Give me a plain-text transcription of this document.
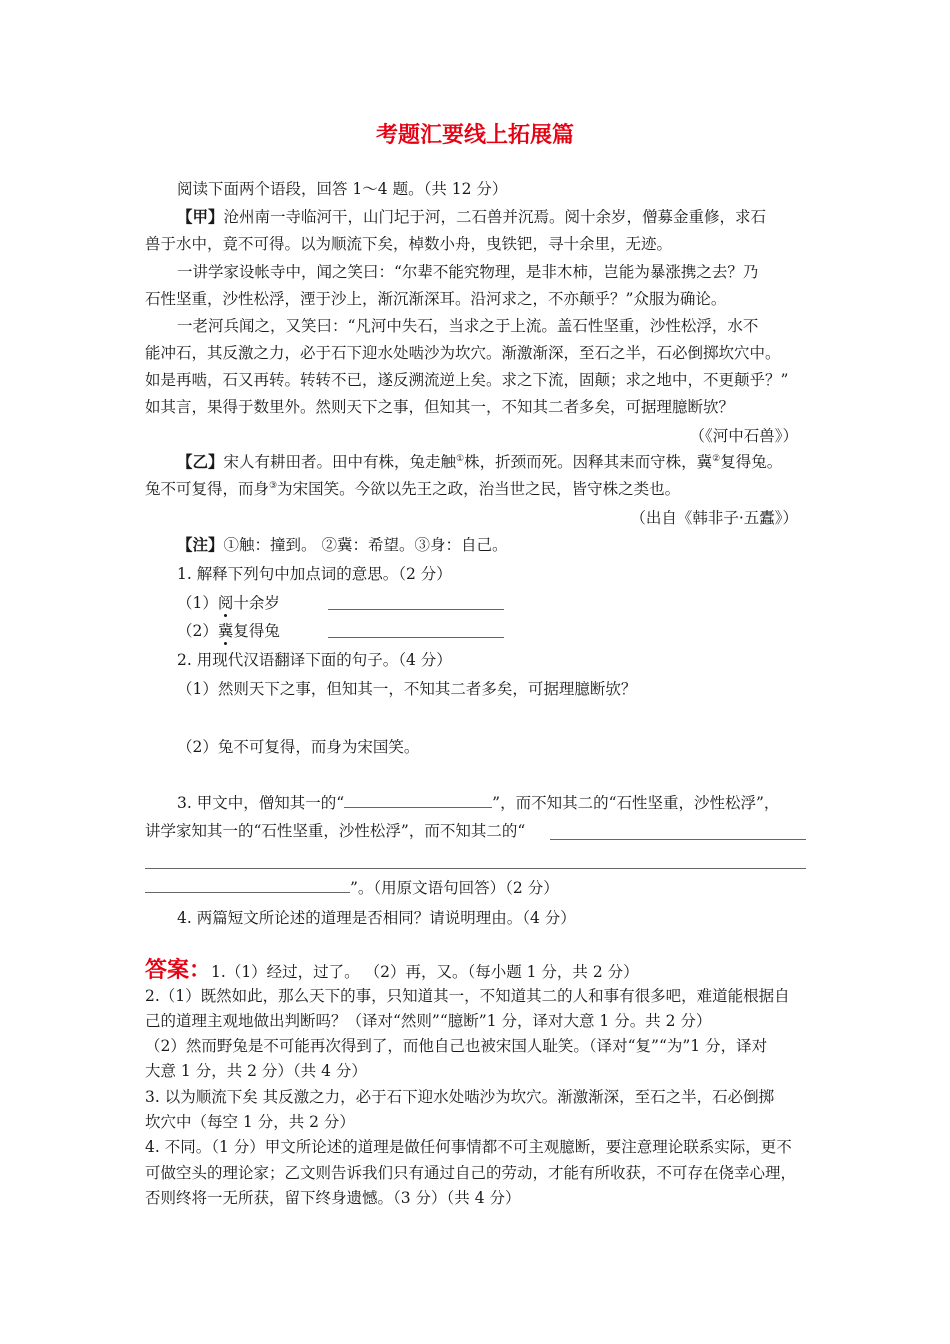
考题汇要线上拓展篇
阅读下面两个语段，回答 1～4 题。（共 12 分）
【甲】沧州南一寺临河干，山门圮于河，二石兽并沉焉。阅十余岁，僧募金重修，求石
兽于水中，竟不可得。以为顺流下矣，棹数小舟，曳铁钯，寻十余里，无迹。
一讲学家设帐寺中，闻之笑曰：“尔辈不能究物理，是非木柿，岂能为暴涨携之去？乃
石性坚重，沙性松浮，湮于沙上，渐沉渐深耳。沿河求之，不亦颠乎？”众服为确论。
一老河兵闻之，又笑曰：“凡河中失石，当求之于上流。盖石性坚重，沙性松浮，水不
能冲石，其反激之力，必于石下迎水处啮沙为坎穴。渐激渐深，至石之半，石必倒掷坎穴中。
如是再啮，石又再转。转转不已，遂反溯流逆上矣。求之下流，固颠；求之地中，不更颠乎？”
如其言，果得于数里外。然则天下之事，但知其一，不知其二者多矣，可据理臆断欤？
（《河中石兽》）
【乙】宋人有耕田者。田中有株，兔走触①株，折颈而死。因释其耒而守株，冀②复得兔。
兔不可复得，而身③为宋国笑。今欲以先王之政，治当世之民，皆守株之类也。
（出自《韩非子·五蠹》）
【注】①触：撞到。 ②冀：希望。③身：自己。
1. 解释下列句中加点词的意思。（2 分）
（1）阅十余岁
（2）冀复得兔
2. 用现代汉语翻译下面的句子。（4 分）
（1）然则天下之事，但知其一，不知其二者多矣，可据理臆断欤？
（2）兔不可复得，而身为宋国笑。
3. 甲文中，僧知其一的“	”，而不知其二的“石性坚重，沙性松浮”，
讲学家知其一的“石性坚重，沙性松浮”，而不知其二的“
”。（用原文语句回答）（2 分）
4. 两篇短文所论述的道理是否相同？请说明理由。（4 分）
答案：1.（1）经过，过了。 （2）再，又。（每小题 1 分，共 2 分）
2.（1）既然如此，那么天下的事，只知道其一，不知道其二的人和事有很多吧，难道能根据自
己的道理主观地做出判断吗？（译对“然则”“臆断”1 分，译对大意 1 分。共 2 分）
（2）然而野兔是不可能再次得到了，而他自己也被宋国人耻笑。（译对“复”“为”1 分，译对
大意 1 分，共 2 分）（共 4 分）
3. 以为顺流下矣 其反激之力，必于石下迎水处啮沙为坎穴。渐激渐深，至石之半，石必倒掷
坎穴中（每空 1 分，共 2 分）
4. 不同。（1 分）甲文所论述的道理是做任何事情都不可主观臆断，要注意理论联系实际，更不
可做空头的理论家；乙文则告诉我们只有通过自己的劳动，才能有所收获，不可存在侥幸心理，
否则终将一无所获，留下终身遗憾。（3 分）（共 4 分）
